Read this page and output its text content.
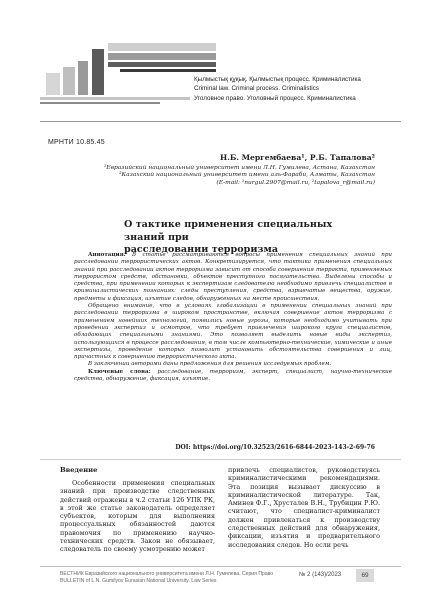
Қылмыстық құқық. Қылмыстық процесс. Криминалистика
Criminal law. Criminal process. Criminalistics
Уголовное право. Уголовный процесс. Криминалистика
МРНТИ 10.85.45
Н.Б. Мергембаева¹, Р.Б. Тапалова²
¹Евразийский национальный университет имени Л.Н. Гумилева, Астана, Казахстан
²Казахский национальный университет имени аль-Фараби, Алматы, Казахстан
(E-mail: ¹nurgul.2907@mail.ru, ²tapalova_r@mail.ru)
О тактике применения специальных знаний при
расследовании терроризма

Аннотация. В статье рассматриваются вопросы применения специальных знаний при расследовании террористических актов. Конкретизируется, что тактика применения специальных знаний при расследовании актов терроризма зависит от способа совершения терракта, применяемых террористом средств, обстановки, объектов преступного посягательства. Выделены способы и средства, при применении которых к экспертизам следователю необходимо привлечь специалистов в криминалистических познаниях: следы преступления, средства, взрывчатые вещества, оружие, предметы и фиксация, изъятие следов, обнаруженных на месте происшествия.

Обращено внимание, что в условиях глобализации в применении специальных знаний при расследовании терроризма в широком пространстве, включая совершение актов терроризма с применением новейших технологий, появились новые угрозы, которые необходимо учитывать при проведении экспертиз и осмотров, что требует привлечения широкого круга специалистов, обладающих специальными знаниями. Это позволяет выделить новые виды экспертиз, использующихся в процессе расследования, в том числе компьютерно-технические, химические и иные экспертизы, проведение которых позволит установить обстоятельства совершения и лиц, причастных к совершению террористического акта.

В заключении авторами даны предложения для решения исследуемых проблем.

Ключевые слова: расследование, терроризм, эксперт, специалист, научно-технические средства, обнаружение, фиксация, изъятие.

DOI: https://doi.org/10.32523/2616-6844-2023-143-2-69-76
Введение

Особенности применения специальных знаний при производстве следственных действий отражены в ч.2 статьи 126 УПК РК, в этой же статье законодатель определяет субъектов, которым для выполнения процессуальных обязанностей даются правомочия по применению научно-технических средств. Закон не обязывает, следователь по своему усмотрению может

привлечь специалистов, руководствуясь криминалистическими рекомендациями. Эта позиция вызывает дискуссию в криминалистической литературе. Так, Аминев Ф.Г., Хрусталев В.Н., Трубицин Р.Ю. считают, что специалист-криминалист должен привлекаться к производству следственных действий для обнаружения, фиксации, изъятия и предварительного исследования следов. Но если речь

ВЕСТНИК Евразийского национального университета имени Л.Н. Гумилева. Серия Право
BULLETIN of L.N. Gumilyov Eurasian National University. Law Series
№ 2 (143)/2023	69
